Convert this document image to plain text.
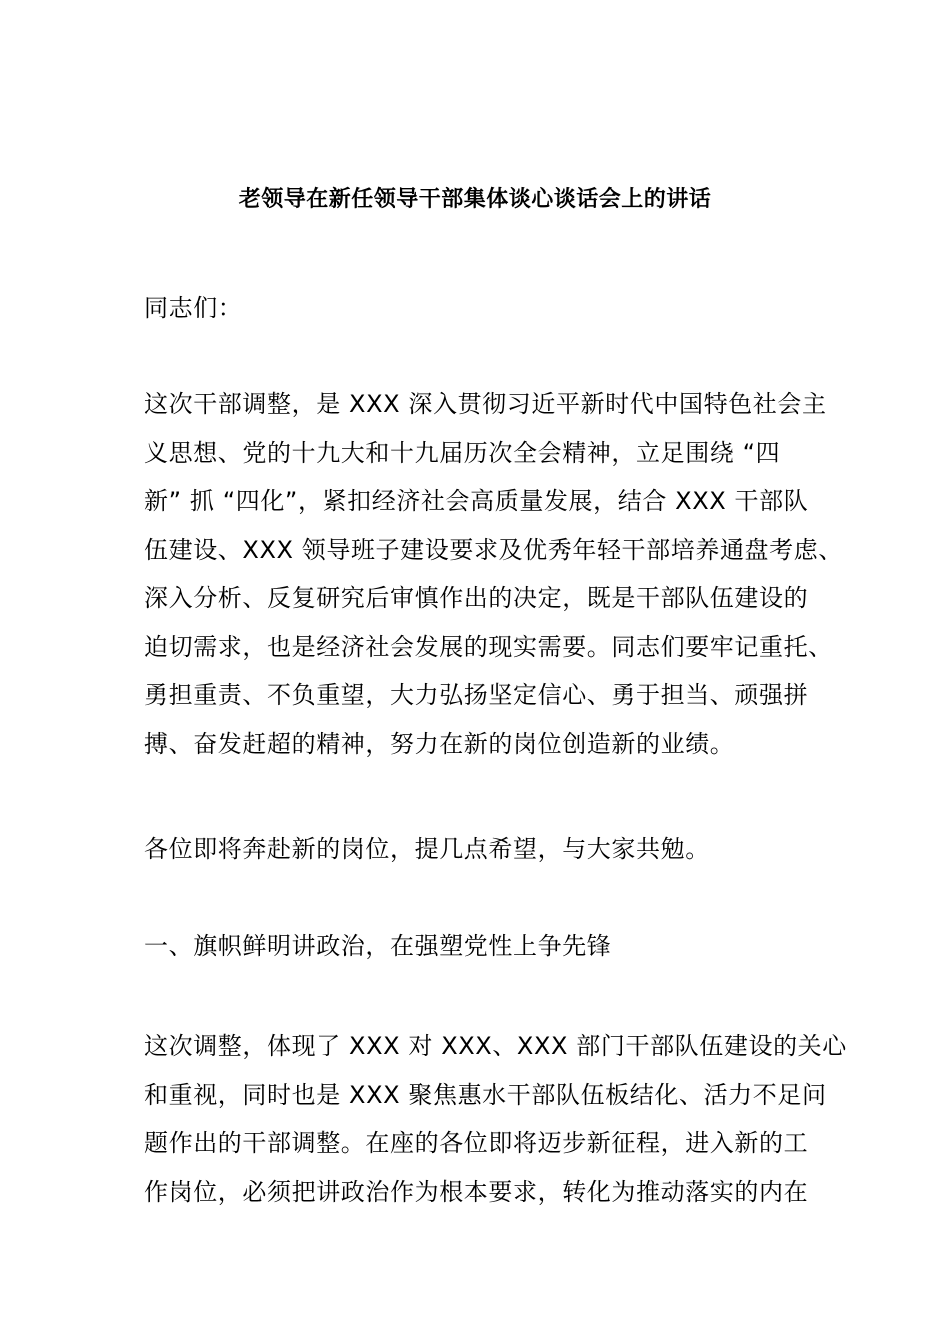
老领导在新任领导干部集体谈心谈话会上的讲话
同志们：
这次干部调整，是 XXX 深入贯彻习近平新时代中国特色社会主
义思想、党的十九大和十九届历次全会精神，立足围绕 “四
新” 抓 “四化”，紧扣经济社会高质量发展，结合 XXX 干部队
伍建设、XXX 领导班子建设要求及优秀年轻干部培养通盘考虑、
深入分析、反复研究后审慎作出的决定，既是干部队伍建设的
迫切需求，也是经济社会发展的现实需要。同志们要牢记重托、
勇担重责、不负重望，大力弘扬坚定信心、勇于担当、顽强拼
搏、奋发赶超的精神，努力在新的岗位创造新的业绩。
各位即将奔赴新的岗位，提几点希望，与大家共勉。
一、旗帜鲜明讲政治，在强塑党性上争先锋
这次调整，体现了 XXX 对 XXX、XXX 部门干部队伍建设的关心
和重视，同时也是 XXX 聚焦惠水干部队伍板结化、活力不足问
题作出的干部调整。在座的各位即将迈步新征程，进入新的工
作岗位，必须把讲政治作为根本要求，转化为推动落实的内在
